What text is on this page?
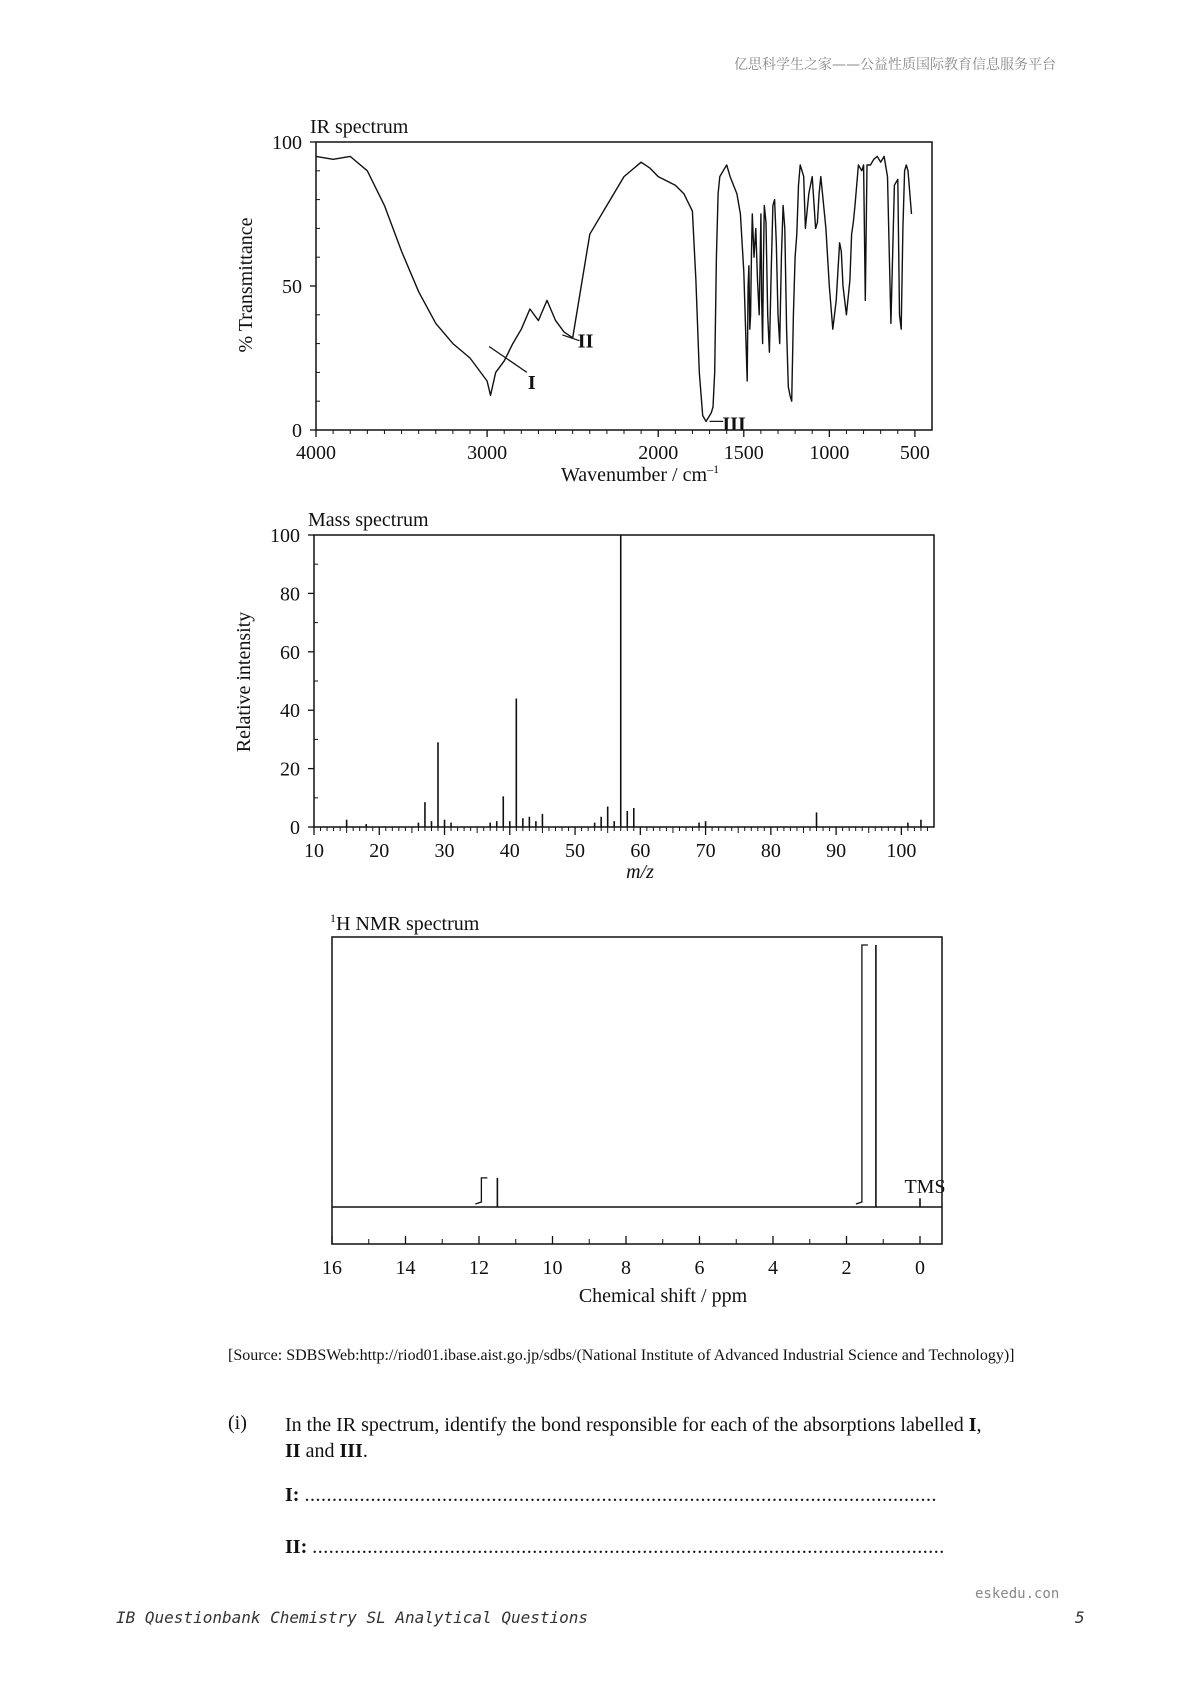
亿思科学生之家——公益性质国际教育信息服务平台
IR spectrum
% Transmittance
Wavenumber / $cm^{-1}$
100
50
0
4000	3000	2000 1500 1000	500
I
II
III
Mass spectrum
Relative intensity
m/z
100
80
60
40
20
0
10 20 30 40 50 60 70 80 90 100
$^1$H NMR spectrum
Chemical shift / ppm
16	14	12	10	8	6	4	2	0
TMS
[Source: SDBSWeb:http://riod01.ibase.aist.go.jp/sdbs/(National Institute of Advanced Industrial Science and Technology)]
(i) In the IR spectrum, identify the bond responsible for each of the absorptions labelled I, II and III.
I: ...................................................................................................................
II: ...................................................................................................................
IB Questionbank Chemistry SL Analytical Questions
eskedu.con
5
